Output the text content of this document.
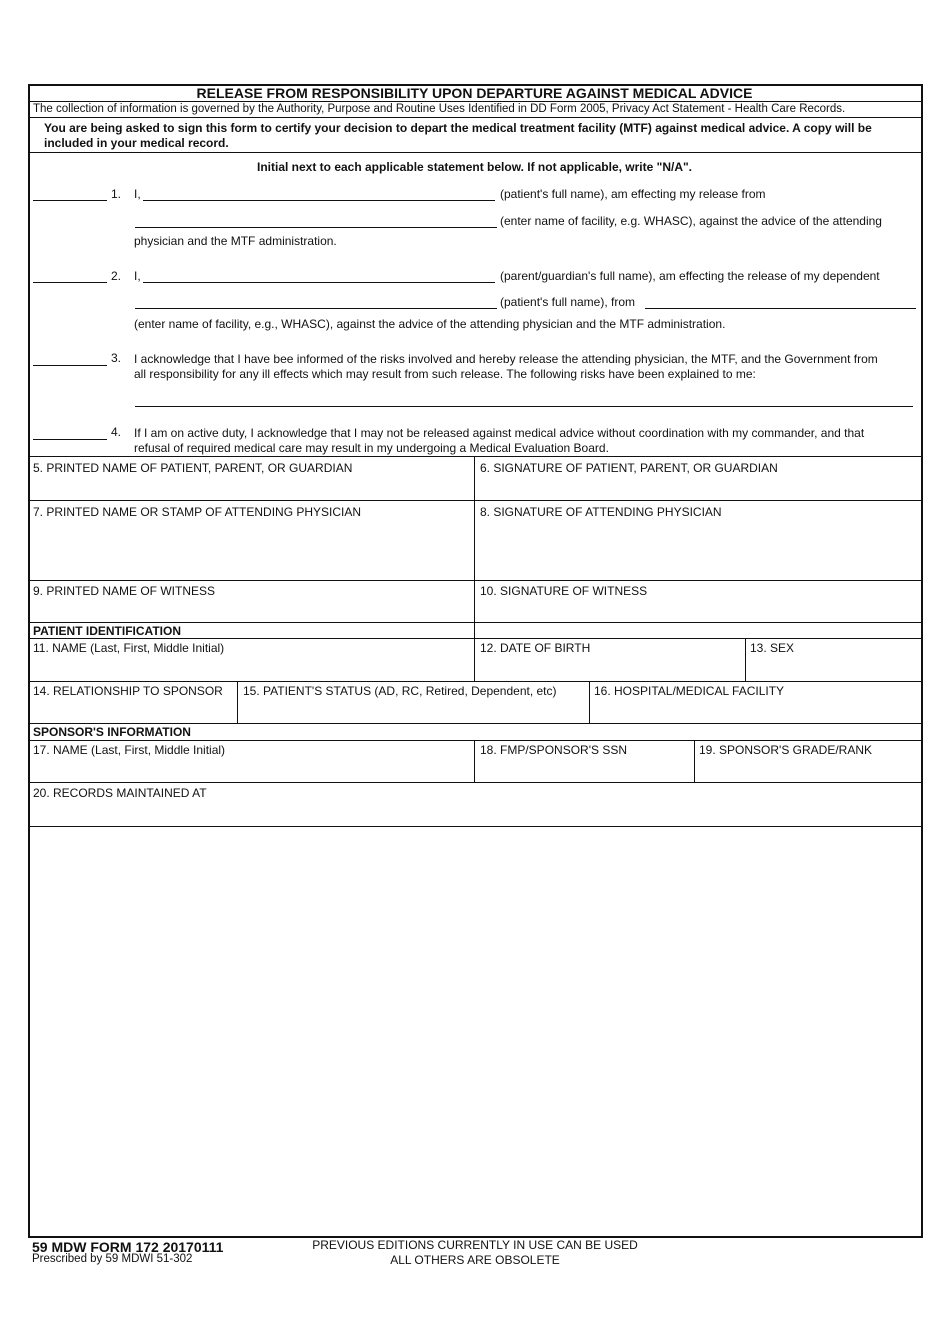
RELEASE FROM RESPONSIBILITY UPON DEPARTURE AGAINST MEDICAL ADVICE
The collection of information is governed by the Authority, Purpose and Routine Uses Identified in DD Form 2005, Privacy Act Statement - Health Care Records.
You are being asked to sign this form to certify your decision to depart the medical treatment facility (MTF) against medical advice. A copy will be
included in your medical record.
Initial next to each applicable statement below. If not applicable, write "N/A".
1. I,	(patient's full name), am effecting my release from
(enter name of facility, e.g. WHASC), against the advice of the attending
physician and the MTF administration.
2. I,	(parent/guardian's full name), am effecting the release of my dependent
(patient's full name), from
(enter name of facility, e.g., WHASC), against the advice of the attending physician and the MTF administration.
3. I acknowledge that I have bee informed of the risks involved and hereby release the attending physician, the MTF, and the Government from
all responsibility for any ill effects which may result from such release. The following risks have been explained to me:
4. If I am on active duty, I acknowledge that I may not be released against medical advice without coordination with my commander, and that
refusal of required medical care may result in my undergoing a Medical Evaluation Board.
5. PRINTED NAME OF PATIENT, PARENT, OR GUARDIAN	6. SIGNATURE OF PATIENT, PARENT, OR GUARDIAN
7. PRINTED NAME OR STAMP OF ATTENDING PHYSICIAN	8. SIGNATURE OF ATTENDING PHYSICIAN
9. PRINTED NAME OF WITNESS	10. SIGNATURE OF WITNESS
PATIENT IDENTIFICATION
11. NAME (Last, First, Middle Initial)	12. DATE OF BIRTH	13. SEX
14. RELATIONSHIP TO SPONSOR 15. PATIENT'S STATUS (AD, RC, Retired, Dependent, etc)	16. HOSPITAL/MEDICAL FACILITY
SPONSOR'S INFORMATION
17. NAME (Last, First, Middle Initial)	18. FMP/SPONSOR'S SSN	19. SPONSOR'S GRADE/RANK
20. RECORDS MAINTAINED AT
59 MDW FORM 172 20170111
Prescribed by 59 MDWI 51-302
PREVIOUS EDITIONS CURRENTLY IN USE CAN BE USED
ALL OTHERS ARE OBSOLETE
